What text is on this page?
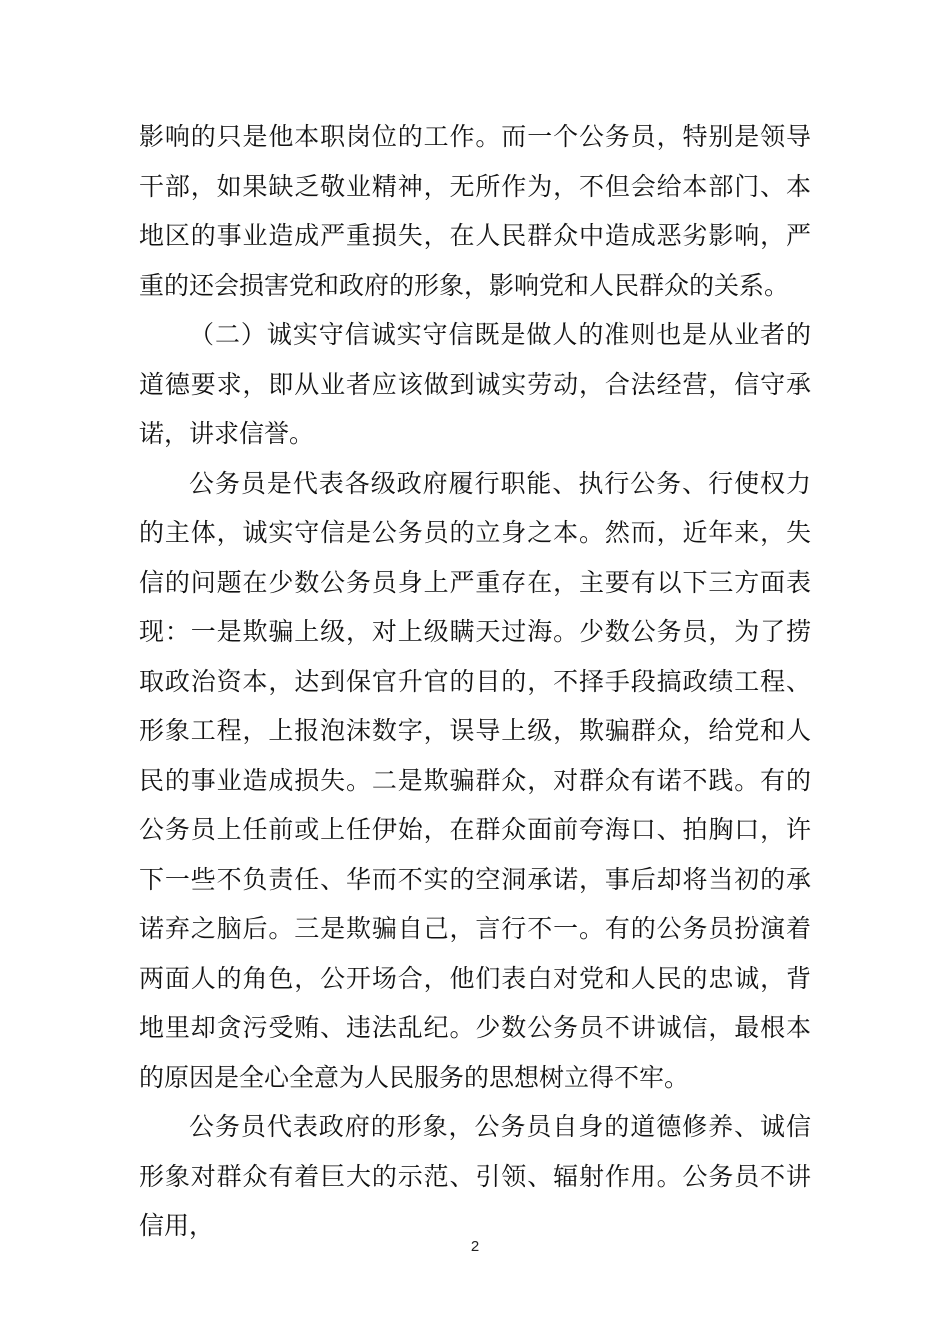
影响的只是他本职岗位的工作。而一个公务员，特别是领导干部，如果缺乏敬业精神，无所作为，不但会给本部门、本地区的事业造成严重损失，在人民群众中造成恶劣影响，严重的还会损害党和政府的形象，影响党和人民群众的关系。

（二）诚实守信诚实守信既是做人的准则也是从业者的道德要求，即从业者应该做到诚实劳动，合法经营，信守承诺，讲求信誉。

公务员是代表各级政府履行职能、执行公务、行使权力的主体，诚实守信是公务员的立身之本。然而，近年来，失信的问题在少数公务员身上严重存在，主要有以下三方面表现：一是欺骗上级，对上级瞒天过海。少数公务员，为了捞取政治资本，达到保官升官的目的，不择手段搞政绩工程、形象工程，上报泡沫数字，误导上级，欺骗群众，给党和人民的事业造成损失。二是欺骗群众，对群众有诺不践。有的公务员上任前或上任伊始，在群众面前夸海口、拍胸口，许下一些不负责任、华而不实的空洞承诺，事后却将当初的承诺弃之脑后。三是欺骗自己，言行不一。有的公务员扮演着两面人的角色，公开场合，他们表白对党和人民的忠诚，背地里却贪污受贿、违法乱纪。少数公务员不讲诚信，最根本的原因是全心全意为人民服务的思想树立得不牢。

公务员代表政府的形象，公务员自身的道德修养、诚信形象对群众有着巨大的示范、引领、辐射作用。公务员不讲信用，

2
